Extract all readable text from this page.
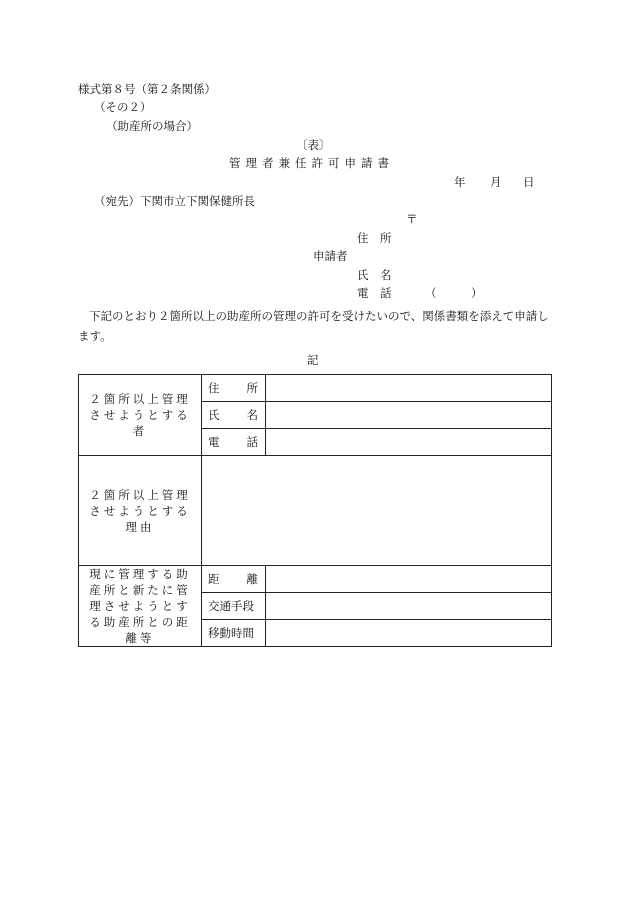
様式第８号（第２条関係）
（その２）
（助産所の場合）
〔表〕
管理者兼任許可申請書
年 月 日
（宛先）下関市立下関保健所長
〒
住　所
申請者
氏　名
電　話	（　　　）

下記のとおり２箇所以上の助産所の管理の許可を受けたいので、関係書類を添えて申請します。

記
２箇所以上管理させようとする者	住 所	

	氏 名	

	電 話	

２箇所以上管理させようとする理由		

現に管理する助産所と新たに管理させようとする助産所との距離等	距 離	

	交通手段	
	移動時間	
